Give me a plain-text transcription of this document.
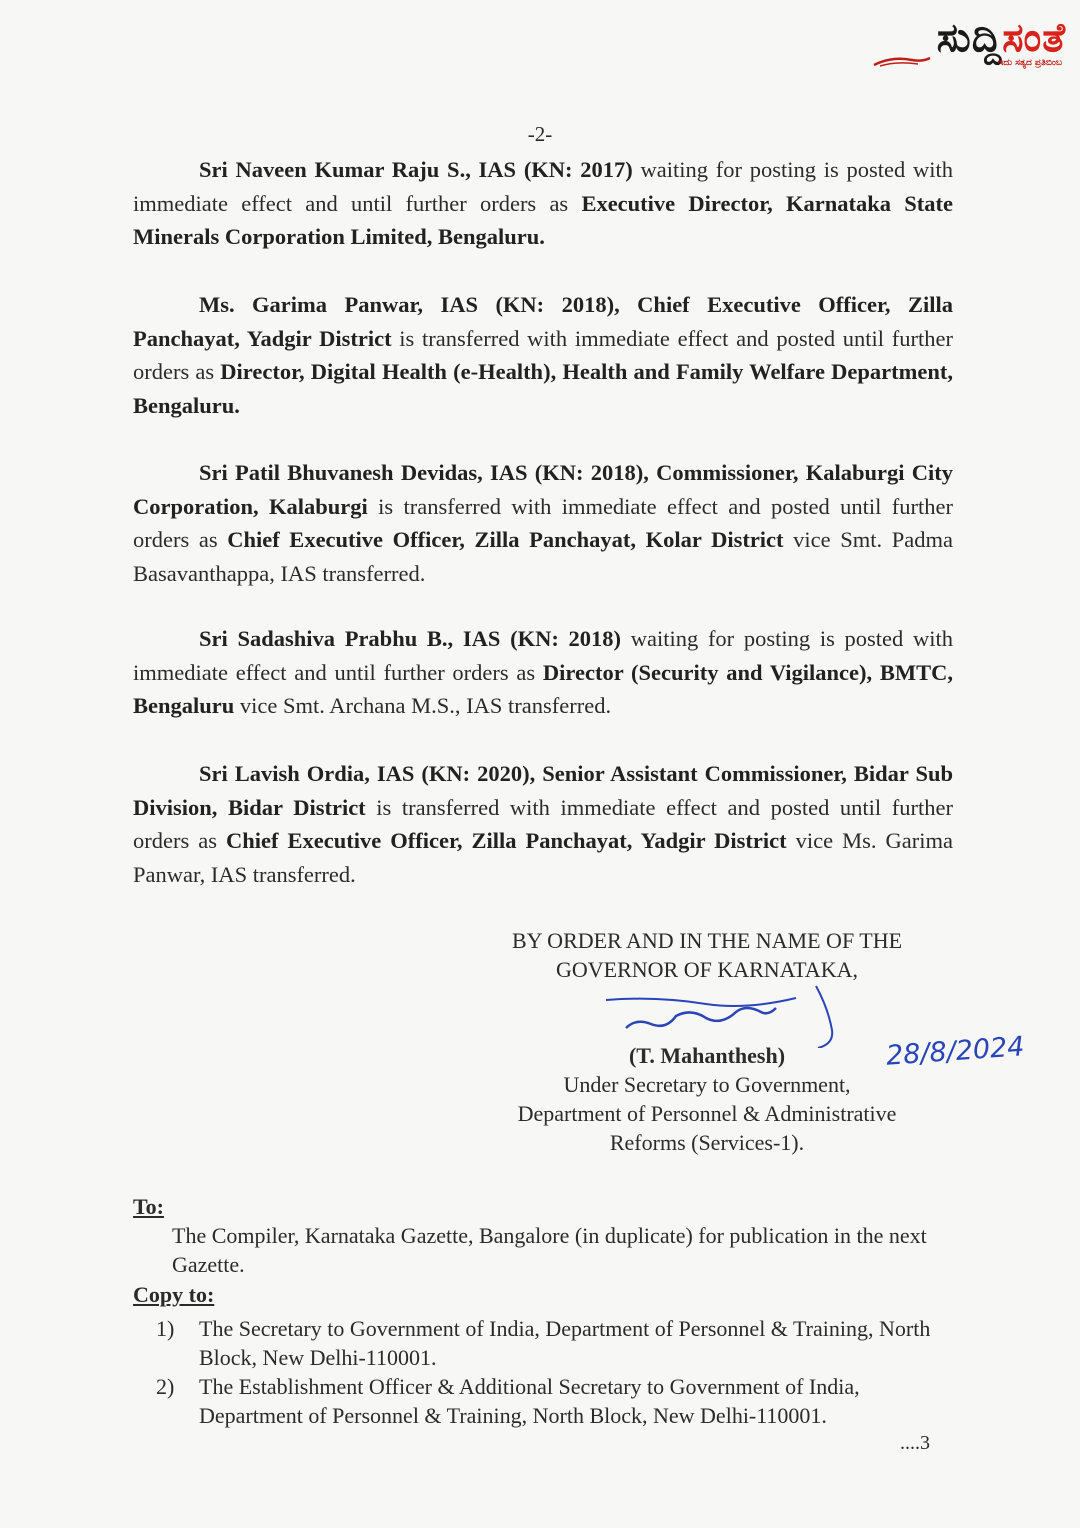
ಸುದ್ದಿಸಂತೆ
ಇದು ಸತ್ಯದ ಪ್ರತಿಬಿಂಬ
-2-
Sri Naveen Kumar Raju S., IAS (KN: 2017) waiting for posting is posted with immediate effect and until further orders as Executive Director, Karnataka State Minerals Corporation Limited, Bengaluru.
Ms. Garima Panwar, IAS (KN: 2018), Chief Executive Officer, Zilla Panchayat, Yadgir District is transferred with immediate effect and posted until further orders as Director, Digital Health (e-Health), Health and Family Welfare Department, Bengaluru.
Sri Patil Bhuvanesh Devidas, IAS (KN: 2018), Commissioner, Kalaburgi City Corporation, Kalaburgi is transferred with immediate effect and posted until further orders as Chief Executive Officer, Zilla Panchayat, Kolar District vice Smt. Padma Basavanthappa, IAS transferred.
Sri Sadashiva Prabhu B., IAS (KN: 2018) waiting for posting is posted with immediate effect and until further orders as Director (Security and Vigilance), BMTC, Bengaluru vice Smt. Archana M.S., IAS transferred.
Sri Lavish Ordia, IAS (KN: 2020), Senior Assistant Commissioner, Bidar Sub Division, Bidar District is transferred with immediate effect and posted until further orders as Chief Executive Officer, Zilla Panchayat, Yadgir District vice Ms. Garima Panwar, IAS transferred.
BY ORDER AND IN THE NAME OF THE
GOVERNOR OF KARNATAKA,
(T. Mahanthesh)	28/8/2024
Under Secretary to Government,
Department of Personnel & Administrative
Reforms (Services-1).
To:
The Compiler, Karnataka Gazette, Bangalore (in duplicate) for publication in the next Gazette.
Copy to:
1)	The Secretary to Government of India, Department of Personnel & Training, North Block, New Delhi-110001.
2)	The Establishment Officer & Additional Secretary to Government of India, Department of Personnel & Training, North Block, New Delhi-110001.
....3
